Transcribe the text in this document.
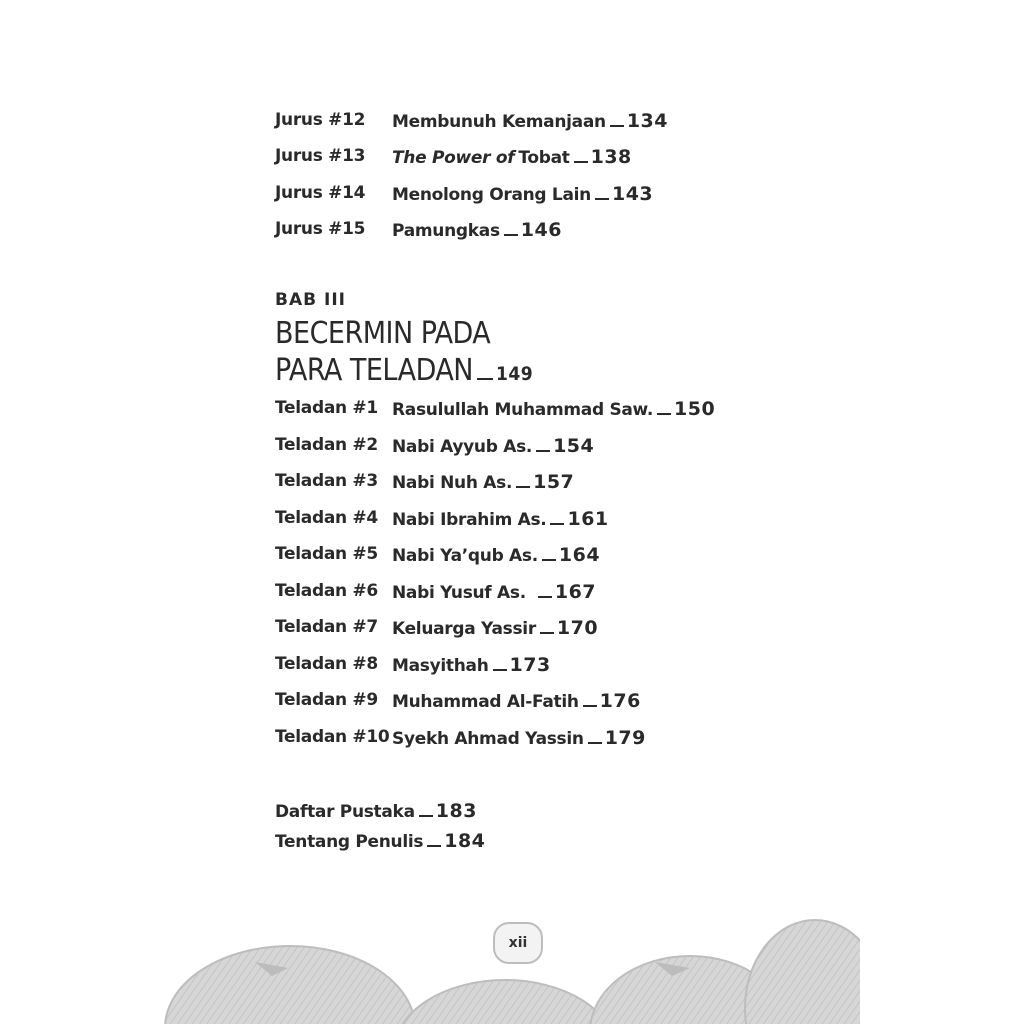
Jurus #12 Membunuh Kemanjaan 134
Jurus #13 The Power of Tobat 138
Jurus #14 Menolong Orang Lain 143
Jurus #15 Pamungkas 146
BAB III
BECERMIN PADA
PARA TELADAN 149
Teladan #1 Rasulullah Muhammad Saw. 150
Teladan #2 Nabi Ayyub As. 154
Teladan #3 Nabi Nuh As. 157
Teladan #4 Nabi Ibrahim As. 161
Teladan #5 Nabi Ya’qub As. 164
Teladan #6 Nabi Yusuf As. 167
Teladan #7 Keluarga Yassir 170
Teladan #8 Masyithah 173
Teladan #9 Muhammad Al-Fatih 176
Teladan #10 Syekh Ahmad Yassin 179
Daftar Pustaka 183
Tentang Penulis 184
xii
